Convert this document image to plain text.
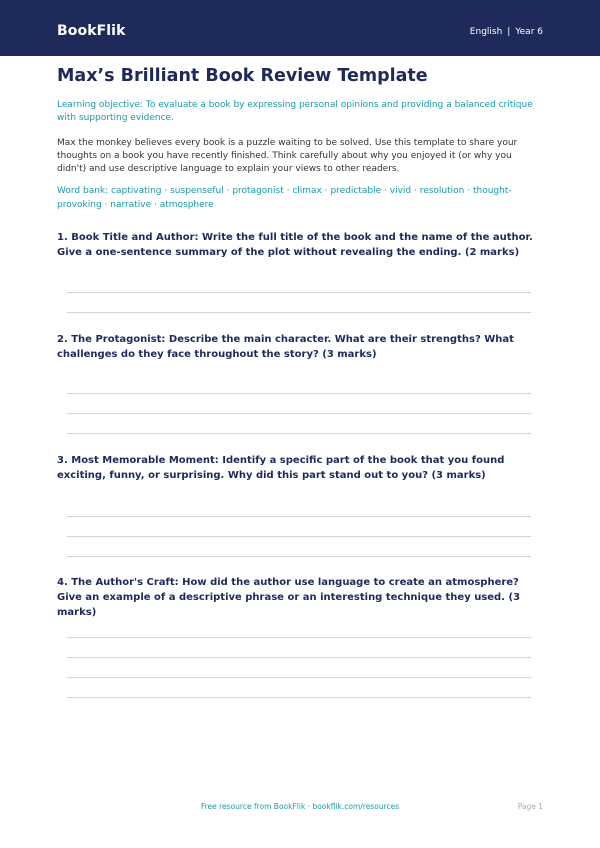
BookFlik	English | Year 6
Max’s Brilliant Book Review Template
Learning objective: To evaluate a book by expressing personal opinions and providing a balanced critique with supporting evidence.
Max the monkey believes every book is a puzzle waiting to be solved. Use this template to share your thoughts on a book you have recently finished. Think carefully about why you enjoyed it (or why you didn't) and use descriptive language to explain your views to other readers.
Word bank: captivating · suspenseful · protagonist · climax · predictable · vivid · resolution · thought-provoking · narrative · atmosphere
1. Book Title and Author: Write the full title of the book and the name of the author. Give a one-sentence summary of the plot without revealing the ending. (2 marks)
2. The Protagonist: Describe the main character. What are their strengths? What challenges do they face throughout the story? (3 marks)
3. Most Memorable Moment: Identify a specific part of the book that you found exciting, funny, or surprising. Why did this part stand out to you? (3 marks)
4. The Author's Craft: How did the author use language to create an atmosphere? Give an example of a descriptive phrase or an interesting technique they used. (3 marks)
Free resource from BookFlik · bookflik.com/resources	Page 1
